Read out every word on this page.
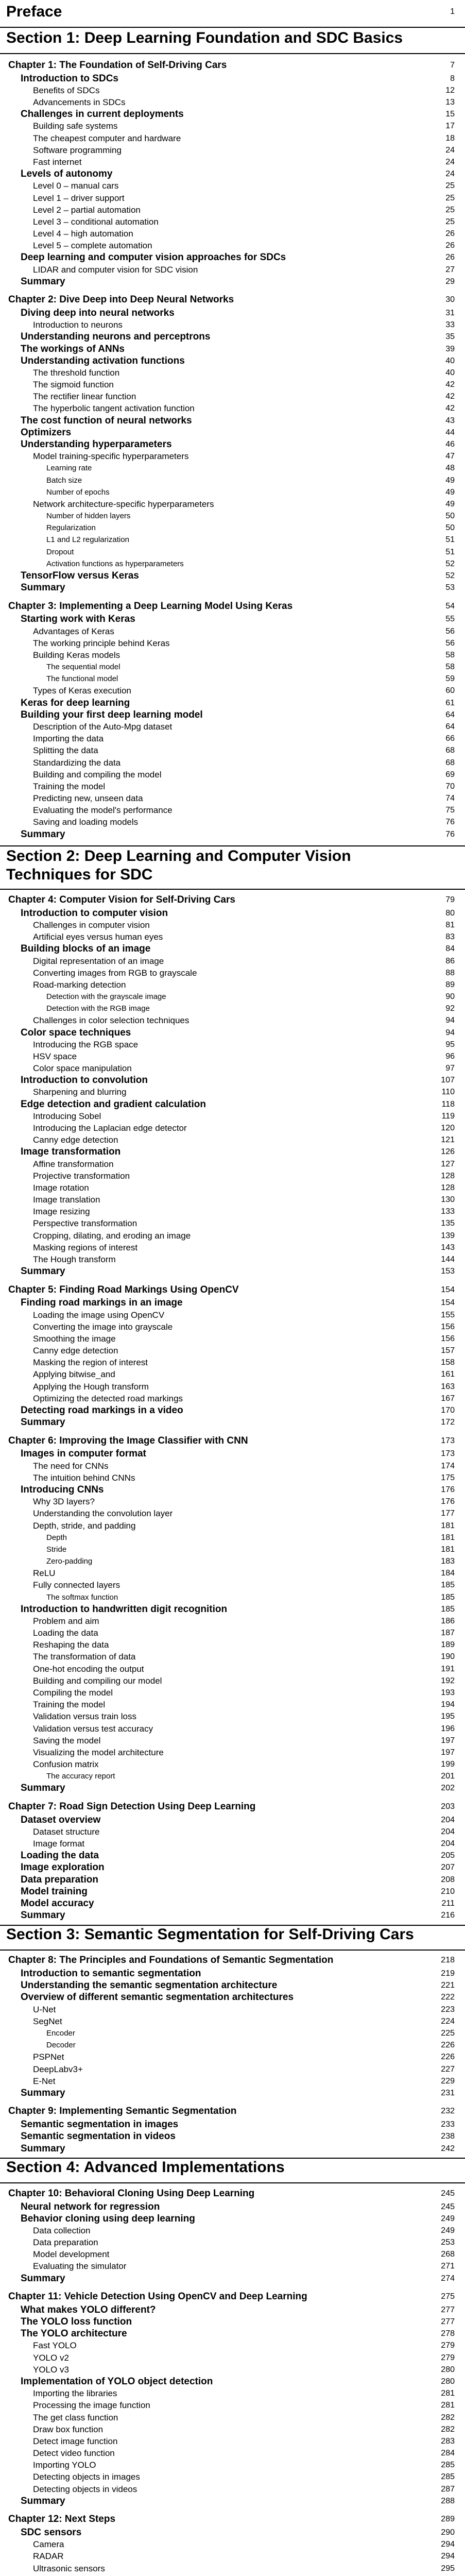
Preface	1
Section 1: Deep Learning Foundation and SDC Basics
Chapter 1: The Foundation of Self-Driving Cars	7
Introduction to SDCs	8
Benefits of SDCs	12
Advancements in SDCs	13
Challenges in current deployments	15
Building safe systems	17
The cheapest computer and hardware	18
Software programming	24
Fast internet	24
Levels of autonomy	24
Level 0 – manual cars	25
Level 1 – driver support	25
Level 2 – partial automation	25
Level 3 – conditional automation	25
Level 4 – high automation	26
Level 5 – complete automation	26
Deep learning and computer vision approaches for SDCs	26
LIDAR and computer vision for SDC vision	27
Summary	29
Chapter 2: Dive Deep into Deep Neural Networks	30
Diving deep into neural networks	31
Introduction to neurons	33
Understanding neurons and perceptrons	35
The workings of ANNs	39
Understanding activation functions	40
The threshold function	40
The sigmoid function	42
The rectifier linear function	42
The hyperbolic tangent activation function	42
The cost function of neural networks	43
Optimizers	44
Understanding hyperparameters	46
Model training-specific hyperparameters	47
Learning rate	48
Batch size	49
Number of epochs	49
Network architecture-specific hyperparameters	49
Number of hidden layers	50
Regularization	50
L1 and L2 regularization	51
Dropout	51
Activation functions as hyperparameters	52
TensorFlow versus Keras	52
Summary	53
Chapter 3: Implementing a Deep Learning Model Using Keras	54
Starting work with Keras	55
Advantages of Keras	56
The working principle behind Keras	56
Building Keras models	58
The sequential model	58
The functional model	59
Types of Keras execution	60
Keras for deep learning	61
Building your first deep learning model	64
Description of the Auto-Mpg dataset	64
Importing the data	66
Splitting the data	68
Standardizing the data	68
Building and compiling the model	69
Training the model	70
Predicting new, unseen data	74
Evaluating the model's performance	75
Saving and loading models	76
Summary	76
Section 2: Deep Learning and Computer Vision
Techniques for SDC
Chapter 4: Computer Vision for Self-Driving Cars	79
Introduction to computer vision	80
Challenges in computer vision	81
Artificial eyes versus human eyes	83
Building blocks of an image	84
Digital representation of an image	86
Converting images from RGB to grayscale	88
Road-marking detection	89
Detection with the grayscale image	90
Detection with the RGB image	92
Challenges in color selection techniques	94
Color space techniques	94
Introducing the RGB space	95
HSV space	96
Color space manipulation	97
Introduction to convolution	107
Sharpening and blurring	110
Edge detection and gradient calculation	118
Introducing Sobel	119
Introducing the Laplacian edge detector	120
Canny edge detection	121
Image transformation	126
Affine transformation	127
Projective transformation	128
Image rotation	128
Image translation	130
Image resizing	133
Perspective transformation	135
Cropping, dilating, and eroding an image	139
Masking regions of interest	143
The Hough transform	144
Summary	153
Chapter 5: Finding Road Markings Using OpenCV	154
Finding road markings in an image	154
Loading the image using OpenCV	155
Converting the image into grayscale	156
Smoothing the image	156
Canny edge detection	157
Masking the region of interest	158
Applying bitwise_and	161
Applying the Hough transform	163
Optimizing the detected road markings	167
Detecting road markings in a video	170
Summary	172
Chapter 6: Improving the Image Classifier with CNN	173
Images in computer format	173
The need for CNNs	174
The intuition behind CNNs	175
Introducing CNNs	176
Why 3D layers?	176
Understanding the convolution layer	177
Depth, stride, and padding	181
Depth	181
Stride	181
Zero-padding	183
ReLU	184
Fully connected layers	185
The softmax function	185
Introduction to handwritten digit recognition	185
Problem and aim	186
Loading the data	187
Reshaping the data	189
The transformation of data	190
One-hot encoding the output	191
Building and compiling our model	192
Compiling the model	193
Training the model	194
Validation versus train loss	195
Validation versus test accuracy	196
Saving the model	197
Visualizing the model architecture	197
Confusion matrix	199
The accuracy report	201
Summary	202
Chapter 7: Road Sign Detection Using Deep Learning	203
Dataset overview	204
Dataset structure	204
Image format	204
Loading the data	205
Image exploration	207
Data preparation	208
Model training	210
Model accuracy	211
Summary	216
Section 3: Semantic Segmentation for Self-Driving Cars
Chapter 8: The Principles and Foundations of Semantic Segmentation	218
Introduction to semantic segmentation	219
Understanding the semantic segmentation architecture	221
Overview of different semantic segmentation architectures	222
U-Net	223
SegNet	224
Encoder	225
Decoder	226
PSPNet	226
DeepLabv3+	227
E-Net	229
Summary	231
Chapter 9: Implementing Semantic Segmentation	232
Semantic segmentation in images	233
Semantic segmentation in videos	238
Summary	242
Section 4: Advanced Implementations
Chapter 10: Behavioral Cloning Using Deep Learning	245
Neural network for regression	245
Behavior cloning using deep learning	249
Data collection	249
Data preparation	253
Model development	268
Evaluating the simulator	271
Summary	274
Chapter 11: Vehicle Detection Using OpenCV and Deep Learning	275
What makes YOLO different?	277
The YOLO loss function	277
The YOLO architecture	278
Fast YOLO	279
YOLO v2	279
YOLO v3	280
Implementation of YOLO object detection	280
Importing the libraries	281
Processing the image function	281
The get class function	282
Draw box function	282
Detect image function	283
Detect video function	284
Importing YOLO	285
Detecting objects in images	285
Detecting objects in videos	287
Summary	288
Chapter 12: Next Steps	289
SDC sensors	290
Camera	294
RADAR	294
Ultrasonic sensors	295
